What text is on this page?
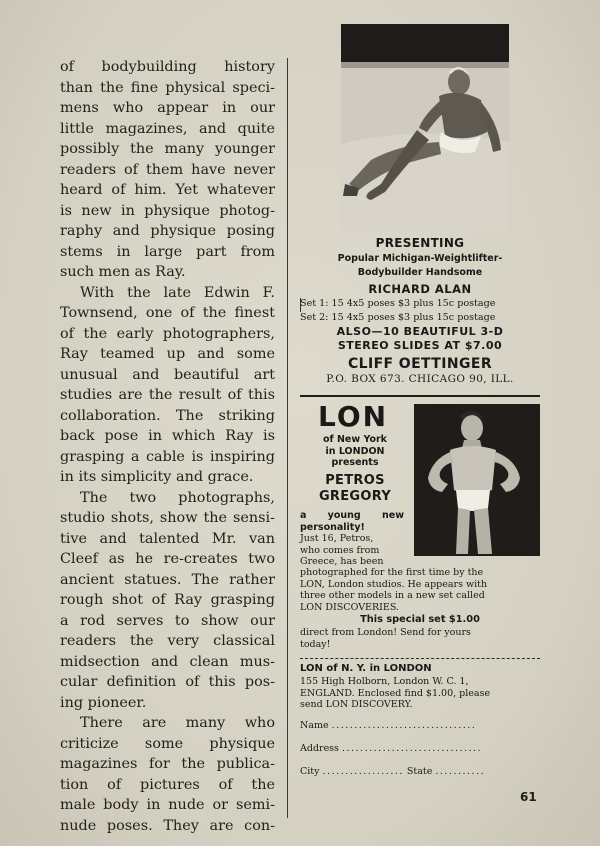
of bodybuilding history
than the fine physical speci-
mens who appear in our
little magazines, and quite
possibly the many younger
readers of them have never
heard of him. Yet whatever
is new in physique photog-
raphy and physique posing
stems in large part from
such men as Ray.

With the late Edwin F.
Townsend, one of the finest
of the early photographers,
Ray teamed up and some
unusual and beautiful art
studies are the result of this
collaboration. The striking
back pose in which Ray is
grasping a cable is inspiring
in its simplicity and grace.

The two photographs,
studio shots, show the sensi-
tive and talented Mr. van
Cleef as he re-creates two
ancient statues. The rather
rough shot of Ray grasping
a rod serves to show our
readers the very classical
midsection and clean mus-
cular definition of this pos-
ing pioneer.

There are many who
criticize some physique
magazines for the publica-
tion of pictures of the
male body in nude or semi-
nude poses. They are con-

PRESENTING
Popular Michigan-Weightlifter-
Bodybuilder Handsome
RICHARD ALAN
Set 1: 15 4x5 poses $3 plus 15c postage
Set 2: 15 4x5 poses $3 plus 15c postage
ALSO—10 BEAUTIFUL 3-D
STEREO SLIDES AT $7.00
CLIFF OETTINGER
P.O. BOX 673. CHICAGO 90, ILL.
LON
of New York
in LONDON
presents
PETROS
GREGORY
a young new
personality!
Just 16, Petros,
who comes from
Greece, has been
photographed for the first time by the
LON, London studios. He appears with
three other models in a new set called
LON DISCOVERIES.
This special set $1.00
direct from London! Send for yours
today!
LON of N. Y. in LONDON
155 High Holborn, London W. C. 1,
ENGLAND. Enclosed find $1.00, please
send LON DISCOVERY.
Name ................................
Address ...............................
City .................. State ...........
61
